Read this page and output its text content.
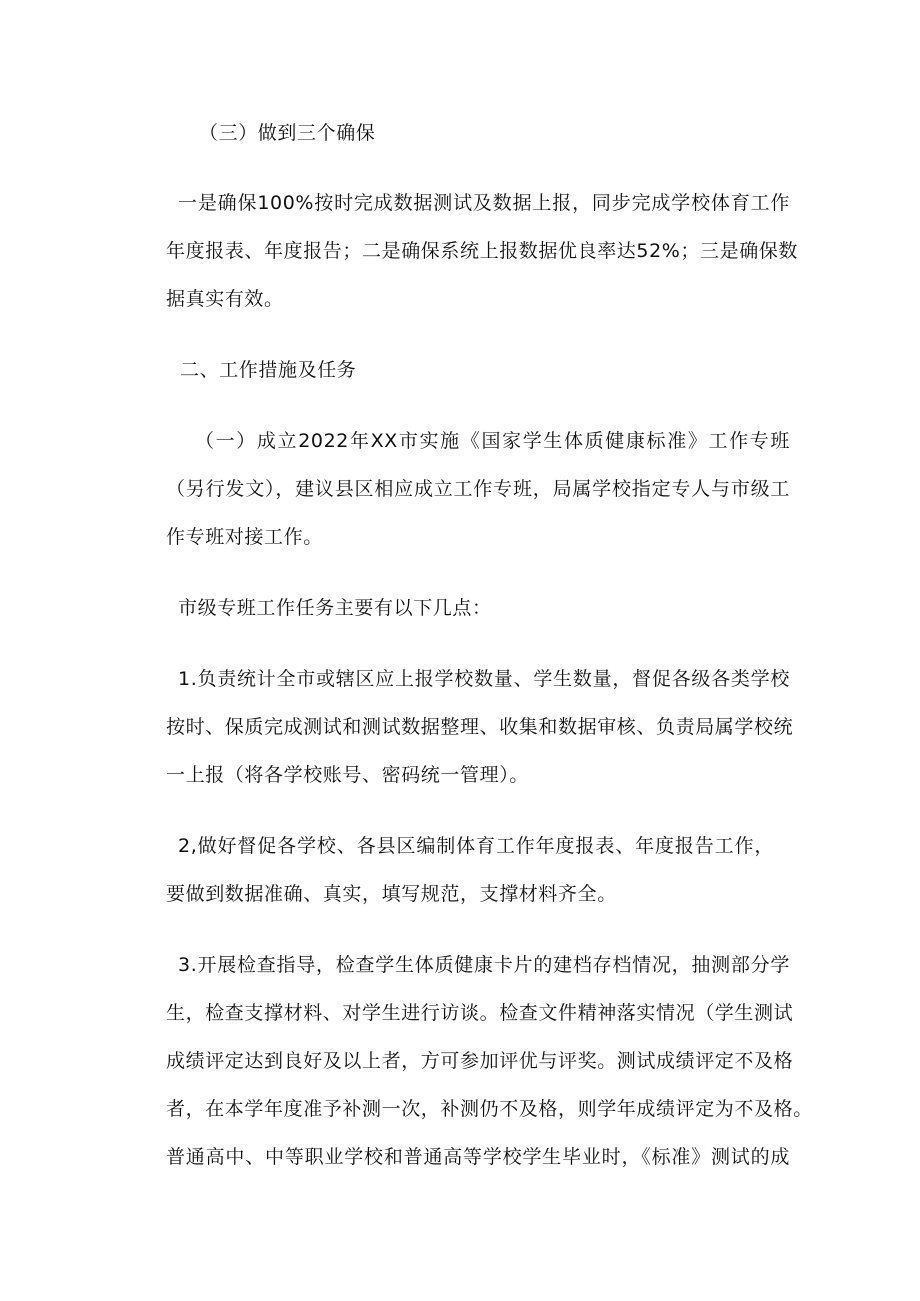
（三）做到三个确保
一是确保100%按时完成数据测试及数据上报，同步完成学校体育工作
年度报表、年度报告；二是确保系统上报数据优良率达52%；三是确保数
据真实有效。
二、工作措施及任务
（一）成立2022年XX市实施《国家学生体质健康标准》工作专班
（另行发文），建议县区相应成立工作专班，局属学校指定专人与市级工
作专班对接工作。
市级专班工作任务主要有以下几点：
1.负责统计全市或辖区应上报学校数量、学生数量，督促各级各类学校
按时、保质完成测试和测试数据整理、收集和数据审核、负责局属学校统
一上报（将各学校账号、密码统一管理）。
2,做好督促各学校、各县区编制体育工作年度报表、年度报告工作，
要做到数据准确、真实，填写规范，支撑材料齐全。
3.开展检查指导，检查学生体质健康卡片的建档存档情况，抽测部分学
生，检查支撑材料、对学生进行访谈。检查文件精神落实情况（学生测试
成绩评定达到良好及以上者，方可参加评优与评奖。测试成绩评定不及格
者，在本学年度准予补测一次，补测仍不及格，则学年成绩评定为不及格。
普通高中、中等职业学校和普通高等学校学生毕业时，《标准》测试的成
